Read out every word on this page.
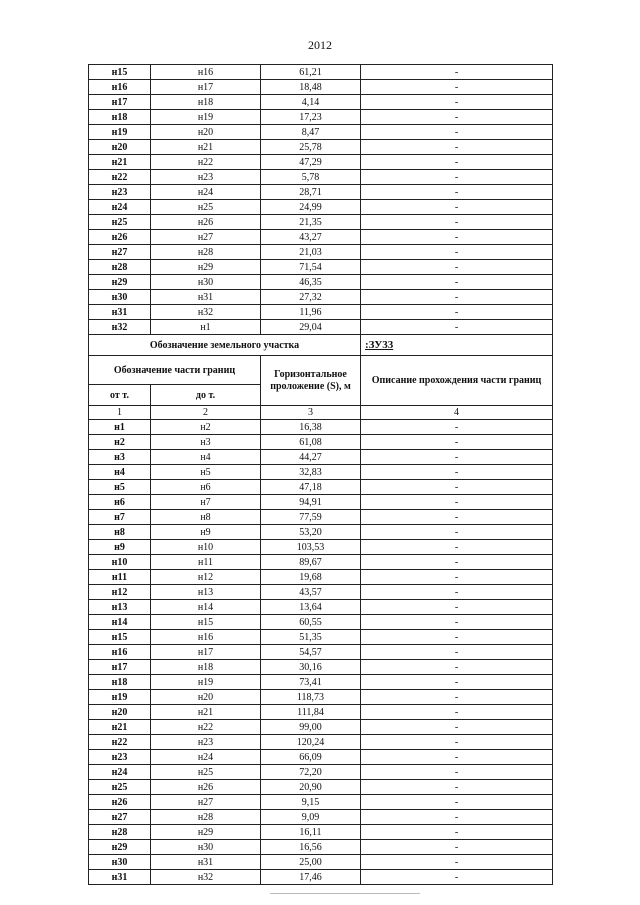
2012
н15	н16	61,21	-
н16	н17	18,48	-
н17	н18	4,14	-
н18	н19	17,23	-
н19	н20	8,47	-
н20	н21	25,78	-
н21	н22	47,29	-
н22	н23	5,78	-
н23	н24	28,71	-
н24	н25	24,99	-
н25	н26	21,35	-
н26	н27	43,27	-
н27	н28	21,03	-
н28	н29	71,54	-
н29	н30	46,35	-
н30	н31	27,32	-
н31	н32	11,96	-
н32	н1	29,04	-
Обозначение земельного участка			:ЗУ33
Обозначение части границ		Горизонтальное проложение (S), м	Описание прохождения части границ
от т.	до т.		
1	2	3	4
н1	н2	16,38	-
н2	н3	61,08	-
н3	н4	44,27	-
н4	н5	32,83	-
н5	н6	47,18	-
н6	н7	94,91	-
н7	н8	77,59	-
н8	н9	53,20	-
н9	н10	103,53	-
н10	н11	89,67	-
н11	н12	19,68	-
н12	н13	43,57	-
н13	н14	13,64	-
н14	н15	60,55	-
н15	н16	51,35	-
н16	н17	54,57	-
н17	н18	30,16	-
н18	н19	73,41	-
н19	н20	118,73	-
н20	н21	111,84	-
н21	н22	99,00	-
н22	н23	120,24	-
н23	н24	66,09	-
н24	н25	72,20	-
н25	н26	20,90	-
н26	н27	9,15	-
н27	н28	9,09	-
н28	н29	16,11	-
н29	н30	16,56	-
н30	н31	25,00	-
н31	н32	17,46	-
